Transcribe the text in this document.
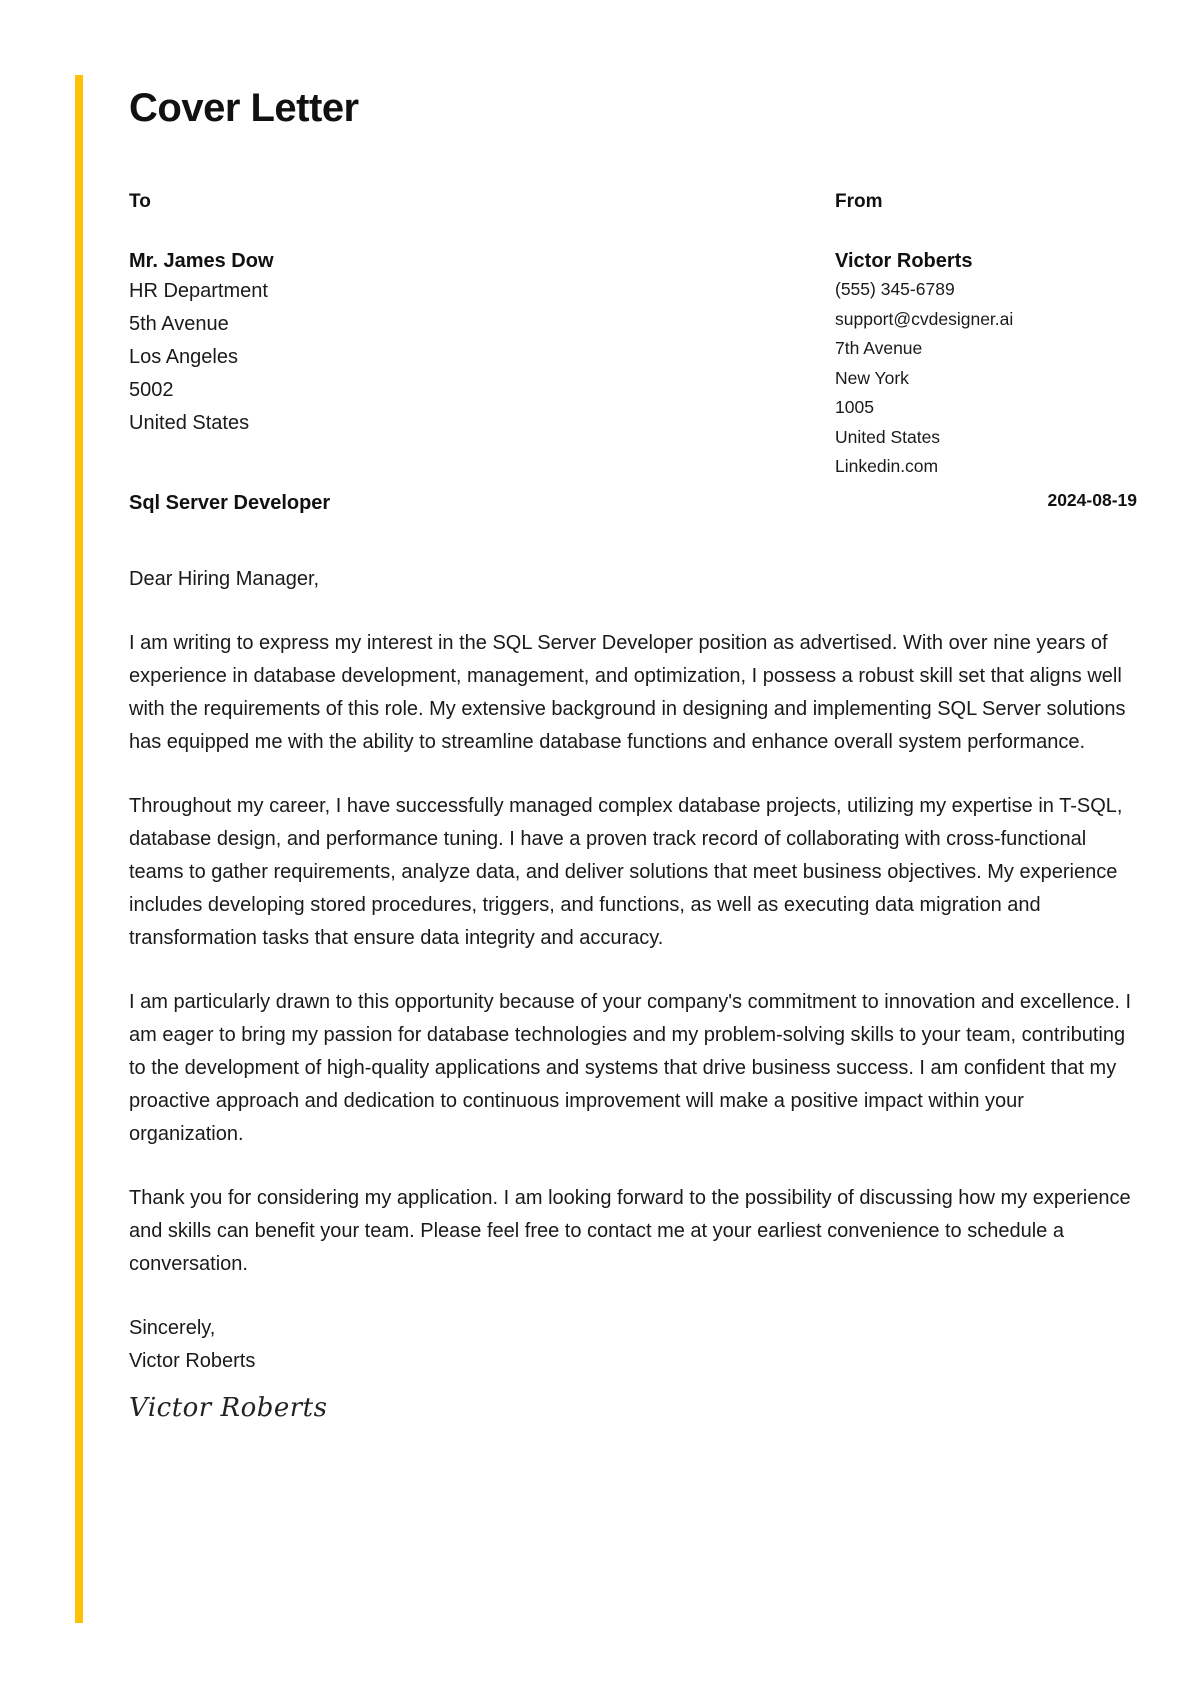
Cover Letter
To
Mr. James Dow
HR Department
5th Avenue
Los Angeles
5002
United States
From
Victor Roberts
(555) 345-6789
support@cvdesigner.ai
7th Avenue
New York
1005
United States
Linkedin.com
Sql Server Developer	2024-08-19

Dear Hiring Manager,

I am writing to express my interest in the SQL Server Developer position as advertised. With over nine years of experience in database development, management, and optimization, I possess a robust skill set that aligns well with the requirements of this role. My extensive background in designing and implementing SQL Server solutions has equipped me with the ability to streamline database functions and enhance overall system performance.

Throughout my career, I have successfully managed complex database projects, utilizing my expertise in T-SQL, database design, and performance tuning. I have a proven track record of collaborating with cross-functional teams to gather requirements, analyze data, and deliver solutions that meet business objectives. My experience includes developing stored procedures, triggers, and functions, as well as executing data migration and transformation tasks that ensure data integrity and accuracy.

I am particularly drawn to this opportunity because of your company's commitment to innovation and excellence. I am eager to bring my passion for database technologies and my problem-solving skills to your team, contributing to the development of high-quality applications and systems that drive business success. I am confident that my proactive approach and dedication to continuous improvement will make a positive impact within your organization.

Thank you for considering my application. I am looking forward to the possibility of discussing how my experience and skills can benefit your team. Please feel free to contact me at your earliest convenience to schedule a conversation.

Sincerely,
Victor Roberts
Victor Roberts
